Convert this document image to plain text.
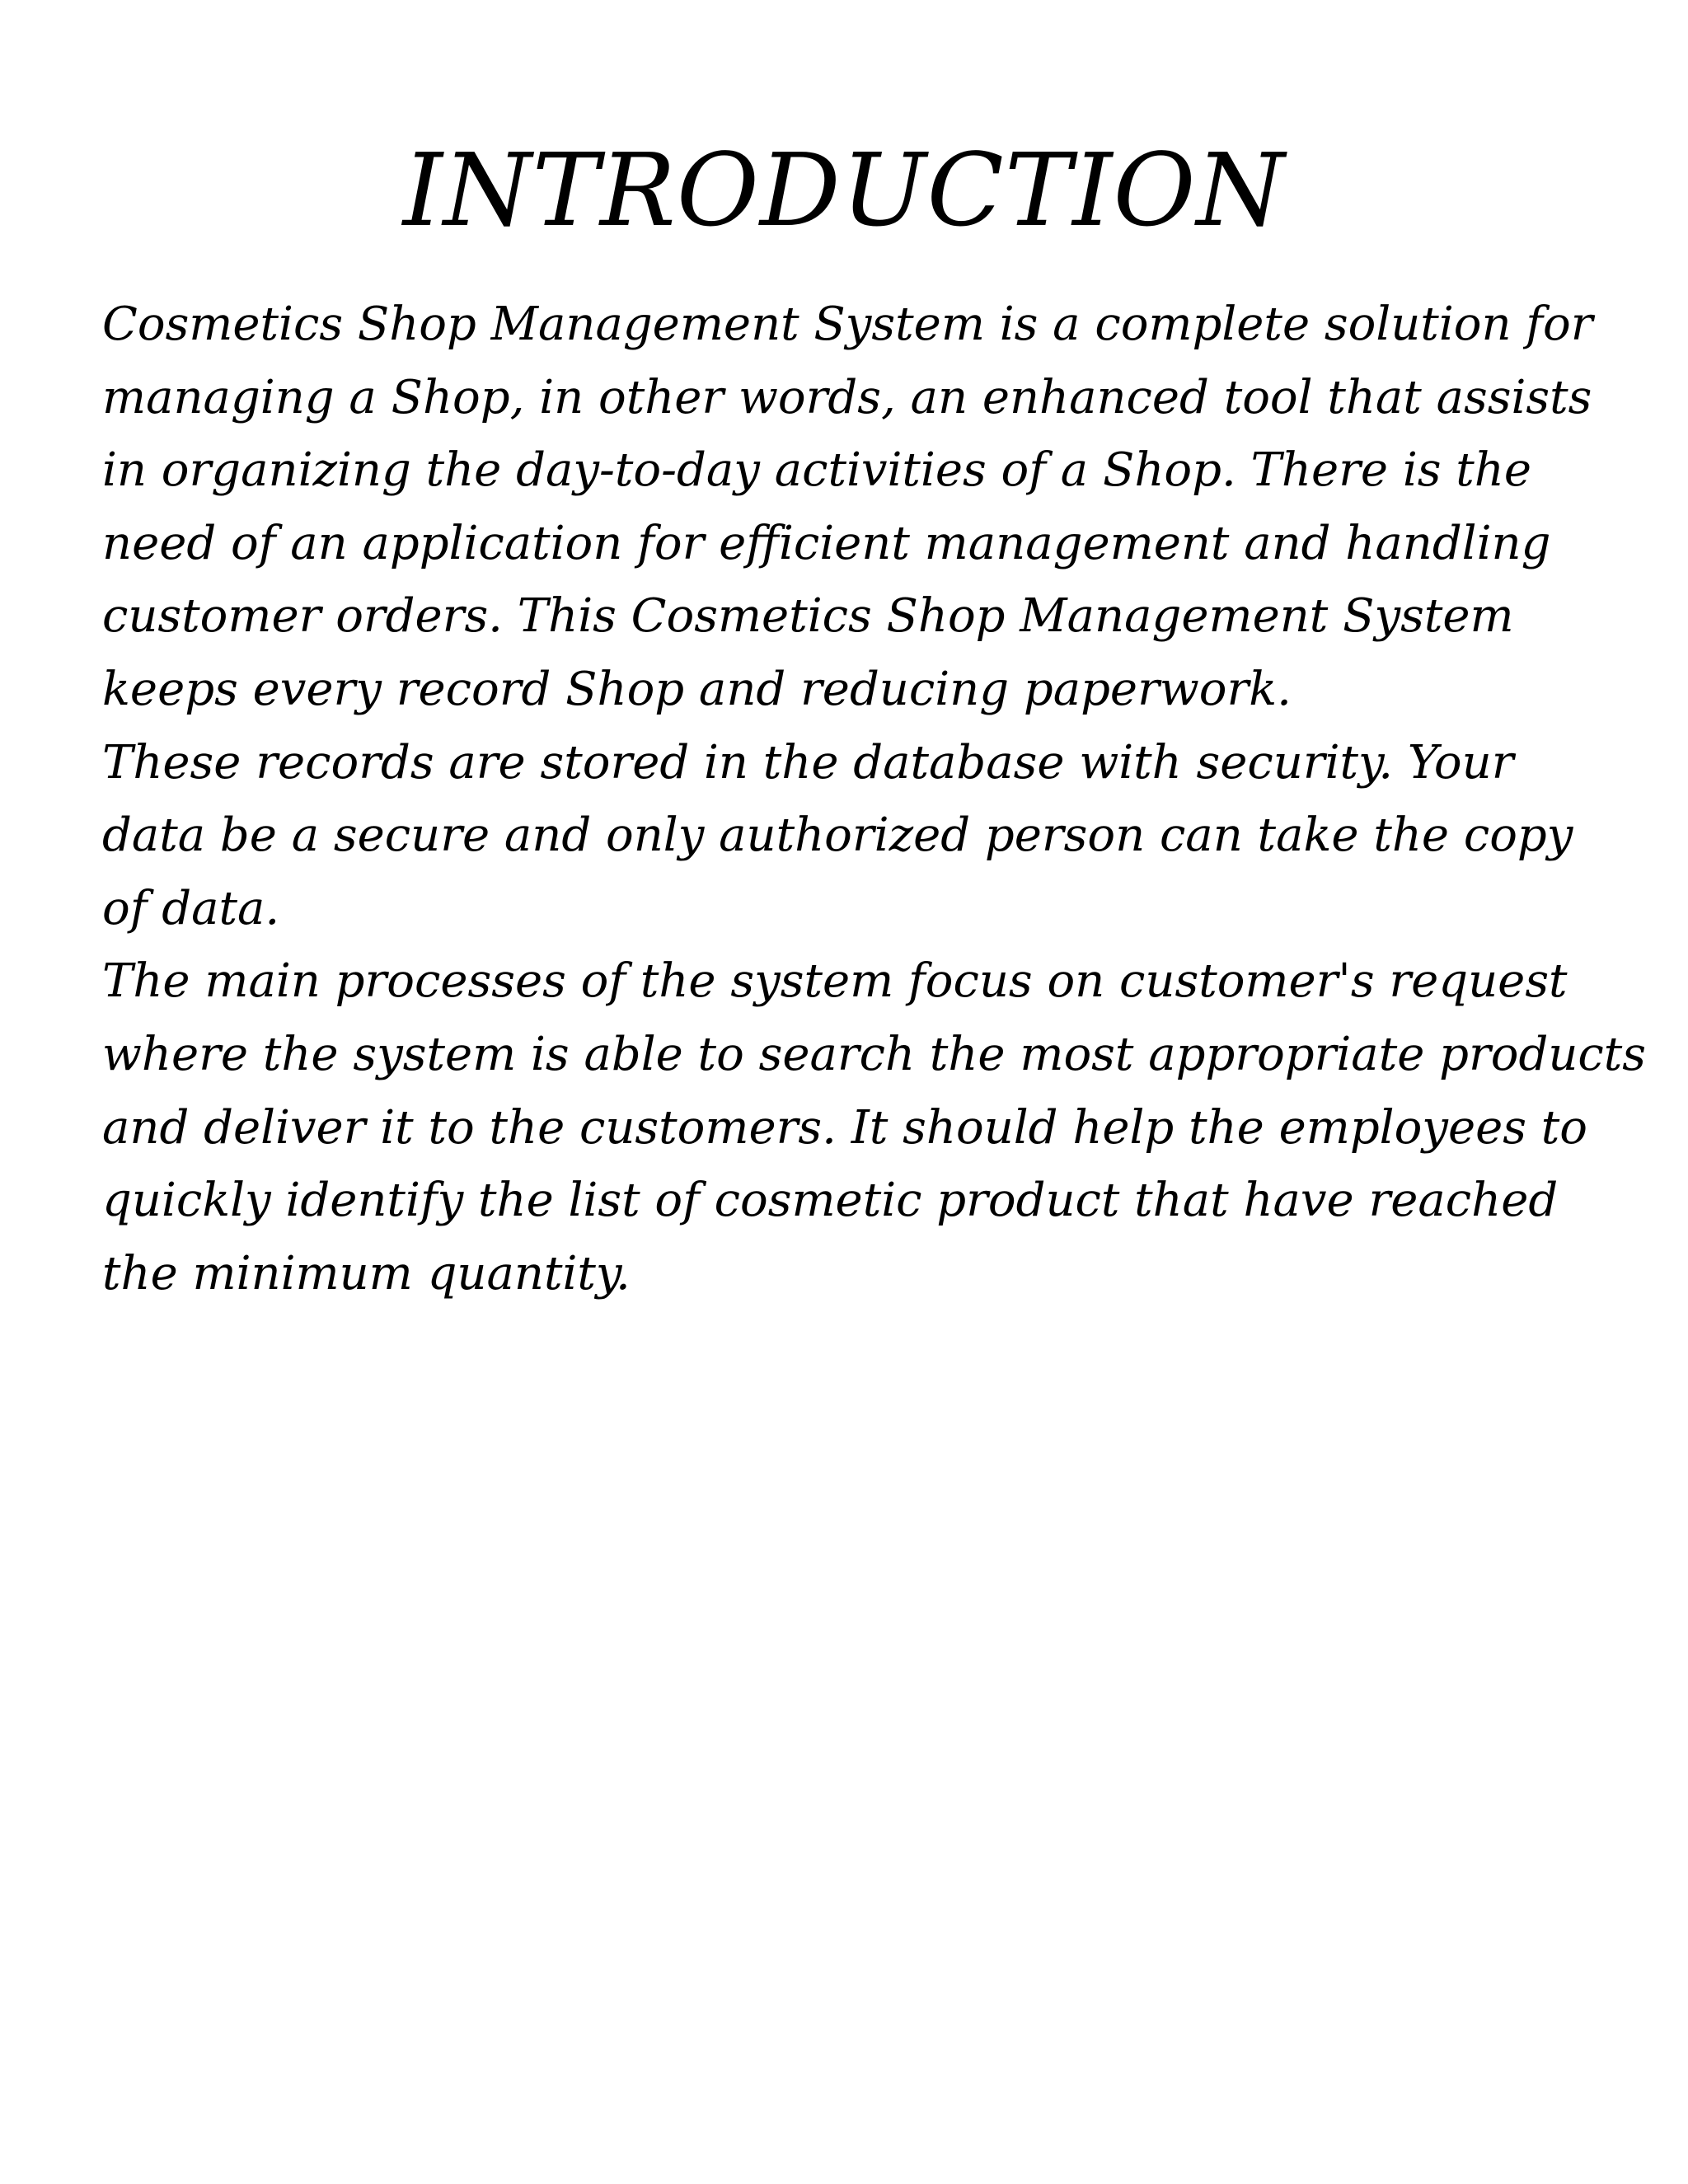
INTRODUCTION
Cosmetics Shop Management System is a complete solution for
managing a Shop, in other words, an enhanced tool that assists
in organizing the day-to-day activities of a Shop. There is the
need of an application for efficient management and handling
customer orders. This Cosmetics Shop Management System
keeps every record Shop and reducing paperwork.
These records are stored in the database with security. Your
data be a secure and only authorized person can take the copy
of data.
The main processes of the system focus on customer's request
where the system is able to search the most appropriate products
and deliver it to the customers. It should help the employees to
quickly identify the list of cosmetic product that have reached
the minimum quantity.
